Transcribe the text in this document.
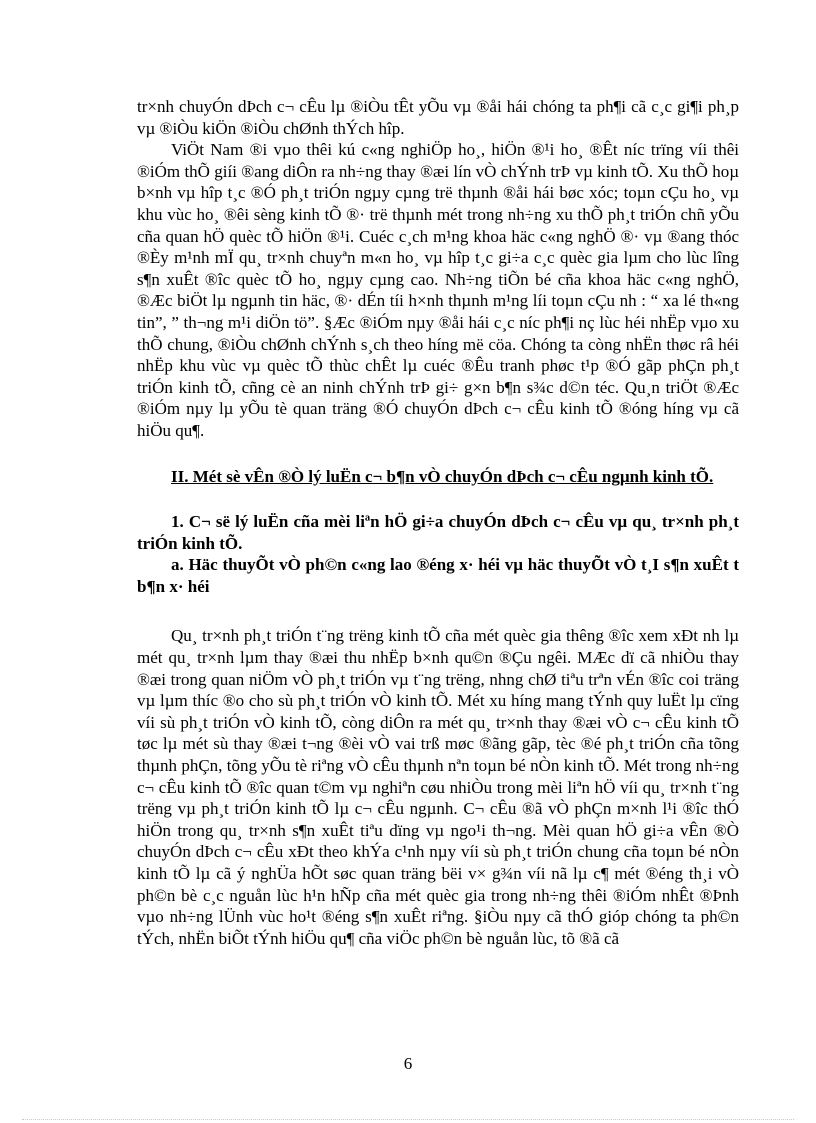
tr×nh chuyÓn dÞch c¬ cÊu lµ ®iÒu tÊt yÕu vµ ®åi hái chóng ta ph¶i cã c¸c gi¶i ph¸p vµ ®iÒu kiÖn ®iÒu chØnh thÝch hîp.

ViÖt Nam ®i vµo thêi kú c«ng nghiÖp ho¸, hiÖn ®¹i ho¸ ®Êt níc trïng víi thêi ®iÓm thÕ giíi ®ang diÔn ra nh÷ng thay ®æi lín vÒ chÝnh trÞ vµ kinh tÕ. Xu thÕ hoµ b×nh vµ hîp t¸c ®Ó ph¸t triÓn ngµy cµng trë thµnh ®åi hái bøc xóc; toµn cÇu ho¸ vµ khu vùc ho¸ ®êi sèng kinh tÕ ®· trë thµnh mét trong nh÷ng xu thÕ ph¸t triÓn chñ yÕu cña quan hÖ quèc tÕ hiÖn ®¹i. Cuéc c¸ch m¹ng khoa häc c«ng nghÖ ®· vµ ®ang thóc ®Èy m¹nh mÏ qu¸ tr×nh chuyªn m«n ho¸ vµ hîp t¸c gi÷a c¸c quèc gia lµm cho lùc lîng s¶n xuÊt ®îc quèc tÕ ho¸ ngµy cµng cao. Nh÷ng tiÕn bé cña khoa häc c«ng nghÖ, ®Æc biÖt lµ ngµnh tin häc, ®· dÉn tíi h×nh thµnh m¹ng líi toµn cÇu nh : “ xa lé th«ng tin”, ” th¬ng m¹i diÖn tö”. §Æc ®iÓm nµy ®åi hái c¸c níc ph¶i nç lùc héi nhËp vµo xu thÕ chung, ®iÒu chØnh chÝnh s¸ch theo híng më cöa. Chóng ta còng nhËn thøc râ héi nhËp khu vùc vµ quèc tÕ thùc chÊt lµ cuéc ®Êu tranh phøc t¹p ®Ó gãp phÇn ph¸t triÓn kinh tÕ, cñng cè an ninh chÝnh trÞ gi÷ g×n b¶n s¾c d©n téc. Qu¸n triÖt ®Æc ®iÓm nµy lµ yÕu tè quan träng ®Ó chuyÓn dÞch c¬ cÊu kinh tÕ ®óng híng vµ cã hiÖu qu¶.

II. Mét sè vÊn ®Ò lý luËn c¬ b¶n vÒ chuyÓn dÞch c¬ cÊu ngµnh kinh tÕ.

1. C¬ së lý luËn cña mèi liªn hÖ gi÷a chuyÓn dÞch c¬ cÊu vµ qu¸ tr×nh ph¸t triÓn kinh tÕ.

a. Häc thuyÕt vÒ ph©n c«ng lao ®éng x· héi vµ häc thuyÕt vÒ t¸I s¶n xuÊt t b¶n x· héi

Qu¸ tr×nh ph¸t triÓn t¨ng trëng kinh tÕ cña mét quèc gia thêng ®îc xem xÐt nh lµ mét qu¸ tr×nh lµm thay ®æi thu nhËp b×nh qu©n ®Çu ngêi. MÆc dï cã nhiÒu thay ®æi trong quan niÖm vÒ ph¸t triÓn vµ t¨ng trëng, nhng chØ tiªu trªn vÉn ®îc coi träng vµ lµm thíc ®o cho sù ph¸t triÓn vÒ kinh tÕ. Mét xu híng mang tÝnh quy luËt lµ cïng víi sù ph¸t triÓn vÒ kinh tÕ, còng diÔn ra mét qu¸ tr×nh thay ®æi vÒ c¬ cÊu kinh tÕ tøc lµ mét sù thay ®æi t¬ng ®èi vÒ vai trß møc ®ãng gãp, tèc ®é ph¸t triÓn cña tõng thµnh phÇn, tõng yÕu tè riªng vÒ cÊu thµnh nªn toµn bé nÒn kinh tÕ. Mét trong nh÷ng c¬ cÊu kinh tÕ ®îc quan t©m vµ nghiªn cøu nhiÒu trong mèi liªn hÖ víi qu¸ tr×nh t¨ng trëng vµ ph¸t triÓn kinh tÕ lµ c¬ cÊu ngµnh. C¬ cÊu ®ã vÒ phÇn m×nh l¹i ®îc thÓ hiÖn trong qu¸ tr×nh s¶n xuÊt tiªu dïng vµ ngo¹i th¬ng. Mèi quan hÖ gi÷a vÊn ®Ò chuyÓn dÞch c¬ cÊu xÐt theo khÝa c¹nh nµy víi sù ph¸t triÓn chung cña toµn bé nÒn kinh tÕ lµ cã ý nghÜa hÕt søc quan träng bëi v× g¾n víi nã lµ c¶ mét ®éng th¸i vÒ ph©n bè c¸c nguån lùc h¹n hÑp cña mét quèc gia trong nh÷ng thêi ®iÓm nhÊt ®Þnh vµo nh÷ng lÜnh vùc ho¹t ®éng s¶n xuÊt riªng. §iÒu nµy cã thÓ gióp chóng ta ph©n tÝch, nhËn biÕt tÝnh hiÖu qu¶ cña viÖc ph©n bè nguån lùc, tõ ®ã cã

6
